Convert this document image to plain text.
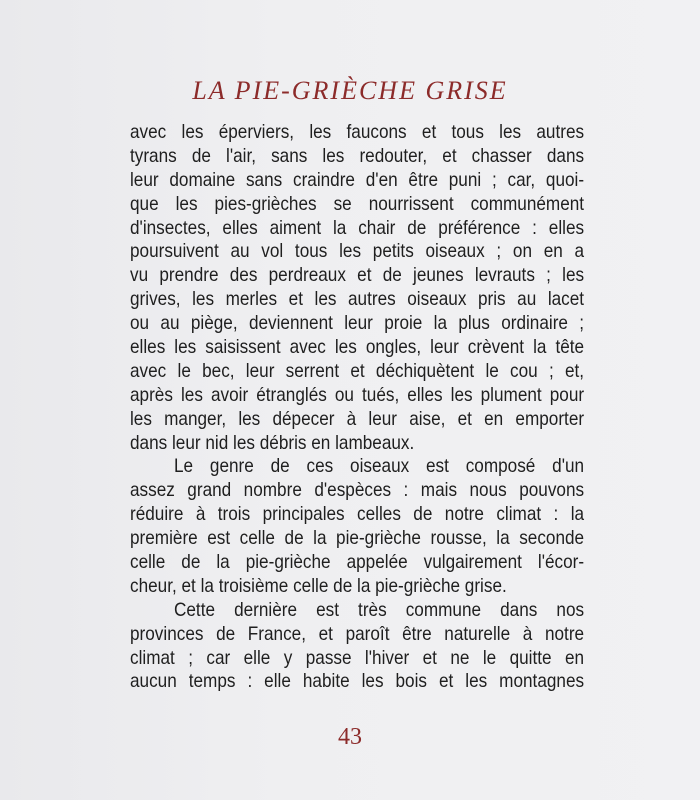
LA PIE-GRIÈCHE GRISE
avec les éperviers, les faucons et tous les autres
tyrans de l'air, sans les redouter, et chasser dans
leur domaine sans craindre d'en être puni ; car, quoi-
que les pies-grièches se nourrissent communément
d'insectes, elles aiment la chair de préférence : elles
poursuivent au vol tous les petits oiseaux ; on en a
vu prendre des perdreaux et de jeunes levrauts ; les
grives, les merles et les autres oiseaux pris au lacet
ou au piège, deviennent leur proie la plus ordinaire ;
elles les saisissent avec les ongles, leur crèvent la tête
avec le bec, leur serrent et déchiquètent le cou ; et,
après les avoir étranglés ou tués, elles les plument pour
les manger, les dépecer à leur aise, et en emporter
dans leur nid les débris en lambeaux.
Le genre de ces oiseaux est composé d'un
assez grand nombre d'espèces : mais nous pouvons
réduire à trois principales celles de notre climat : la
première est celle de la pie-grièche rousse, la seconde
celle de la pie-grièche appelée vulgairement l'écor-
cheur, et la troisième celle de la pie-grièche grise.
Cette dernière est très commune dans nos
provinces de France, et paroît être naturelle à notre
climat ; car elle y passe l'hiver et ne le quitte en
aucun temps : elle habite les bois et les montagnes
43
